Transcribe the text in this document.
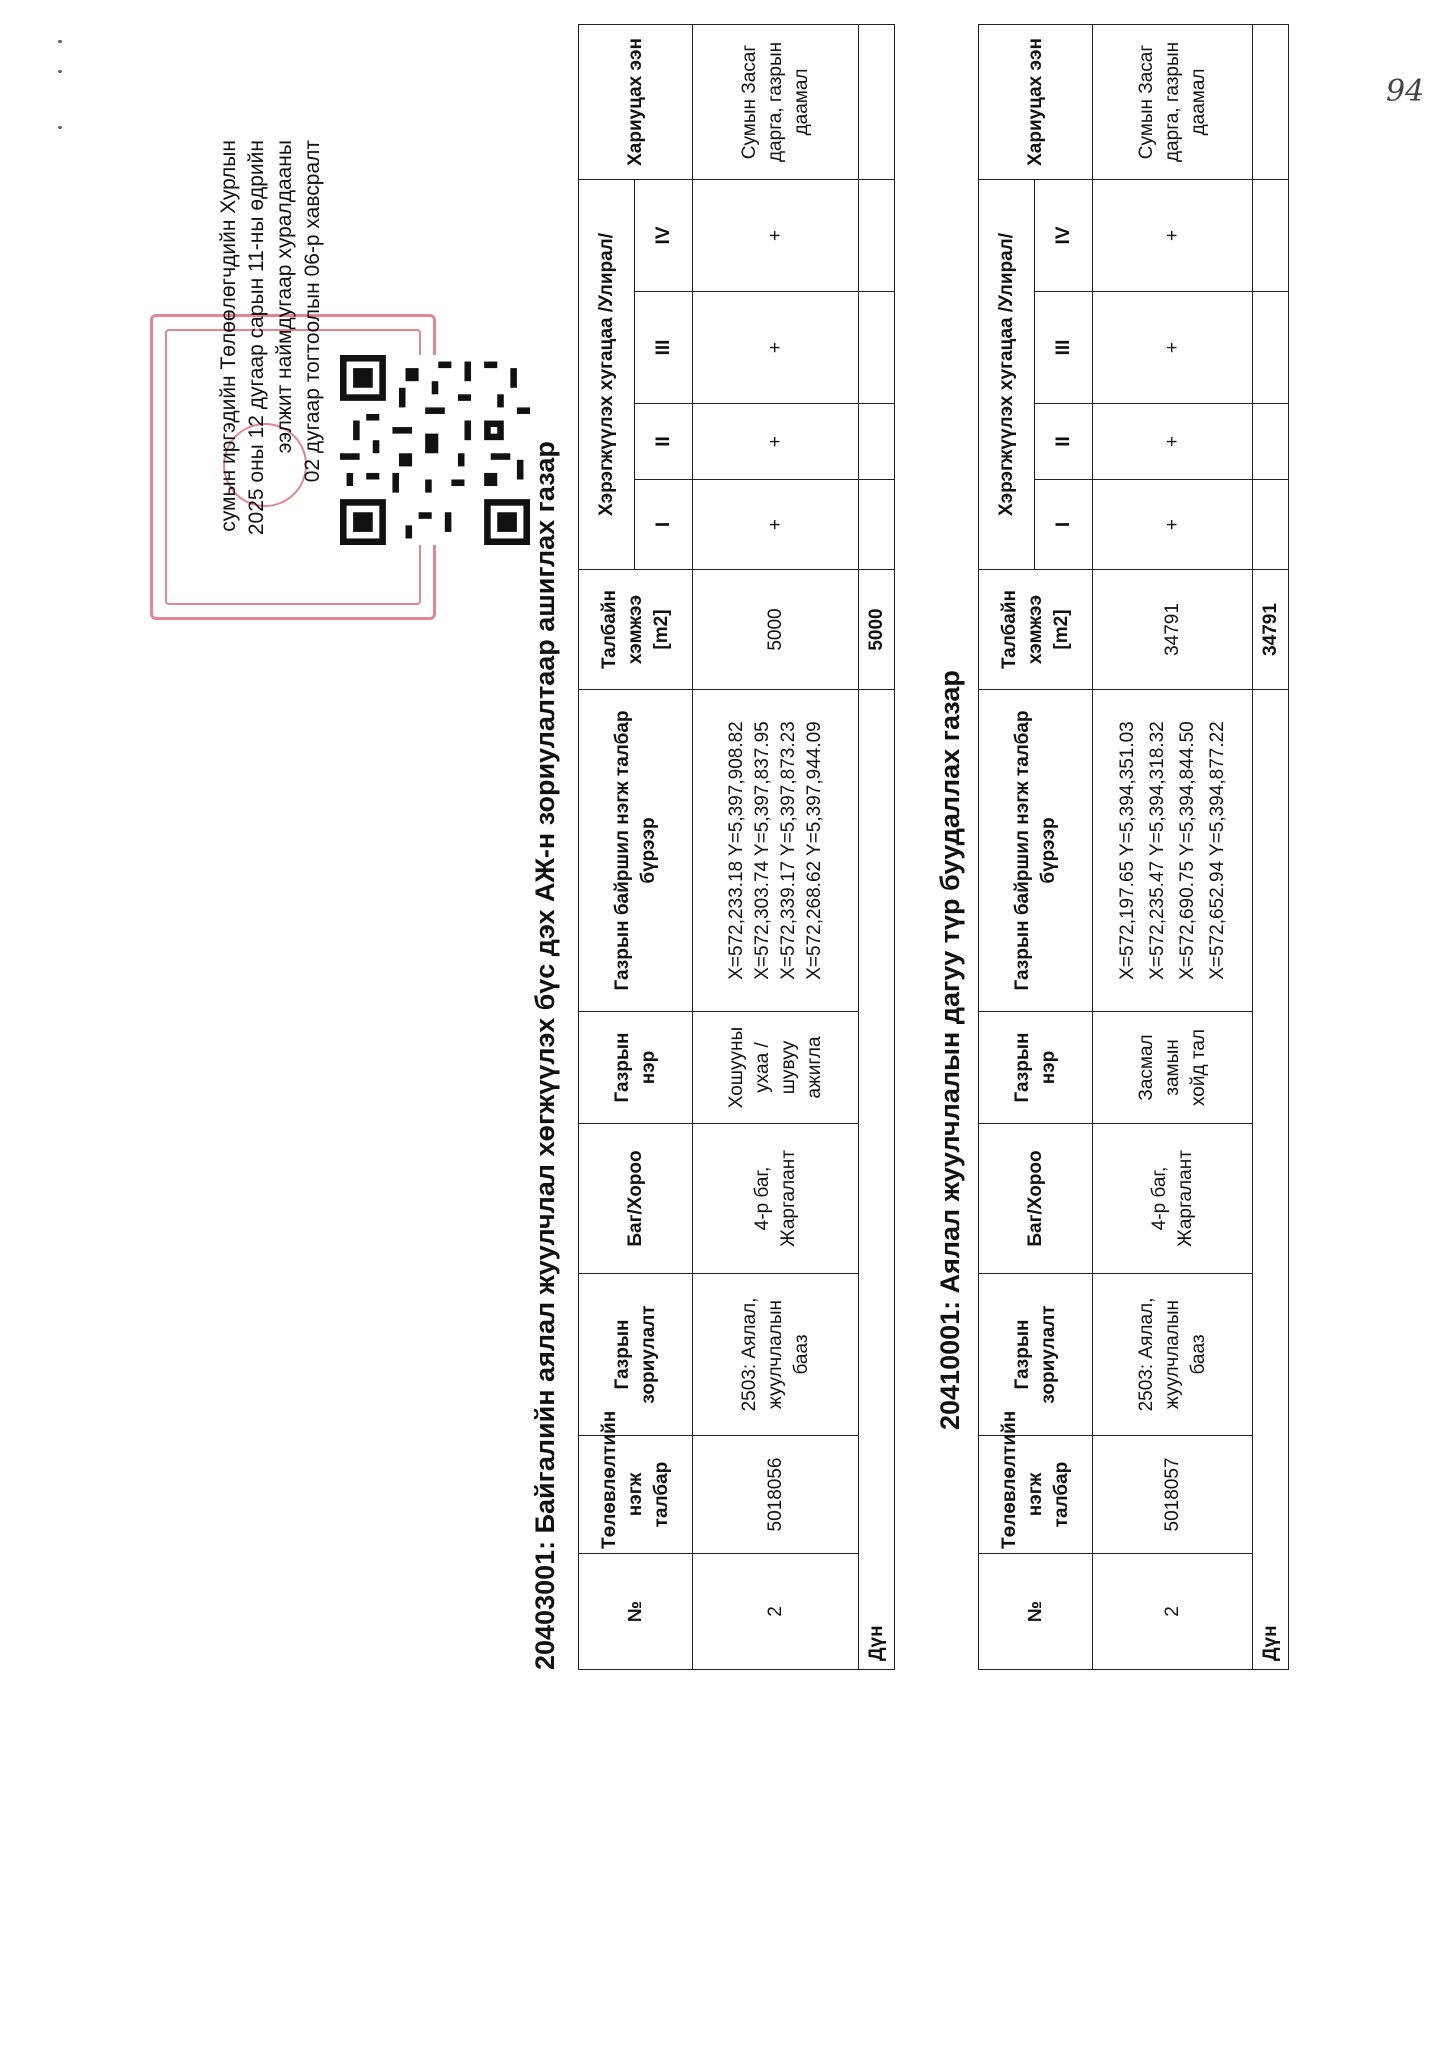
94
сумын иргэдийн Төлөөлөгчдийн Хурлын 2025 оны 12 дугаар сарын 11-ны өдрийн ээлжит наймдугаар хуралдааны 02 дугаар тогтоолын 06-р хавсралт
20403001: Байгалийн аялал жуулчлал хөгжүүлэх бүс дэх АЖ-н зориулалтаар ашиглах газар	№	Төлөвлөлтийн нэгж талбар	Газрын зориулалт	Баг/Хороо	Газрын нэр	Газрын байршил нэгж талбар бүрээр	Талбайн хэмжээ [m2]	Хэрэгжүүлэх хугацаа /Улирал/				Хариуцах ээн
							I	II	III	IV	
2	5018056	2503: Аялал, жуулчлалын бааз	4-р баг, Жаргалант	Хошууны ухаа /шувуу ажигла	X=572,233.18 Y=5,397,908.82 X=572,303.74 Y=5,397,837.95 X=572,339.17 Y=5,397,873.23 X=572,268.62 Y=5,397,944.09	5000	+	+	+	+	Сумын Засаг дарга, газрын даамал
Дүн						5000					
20410001: Аялал жуулчлалын дагуу түр буудаллах газар
№	Төлөвлөлтийн нэгж талбар	Газрын зориулалт	Баг/Хороо	Газрын нэр	Газрын байршил нэгж талбар бүрээр	Талбайн хэмжээ [m2]	Хэрэгжүүлэх хугацаа /Улирал/				Хариуцах ээн
							I	II	III	IV	
2	5018057	2503: Аялал, жуулчлалын бааз	4-р баг, Жаргалант	Засмал замын хойд тал	X=572,197.65 Y=5,394,351.03 X=572,235.47 Y=5,394,318.32 X=572,690.75 Y=5,394,844.50 X=572,652.94 Y=5,394,877.22	34791	+	+	+	+	Сумын Засаг дарга, газрын даамал
Дүн						34791					
